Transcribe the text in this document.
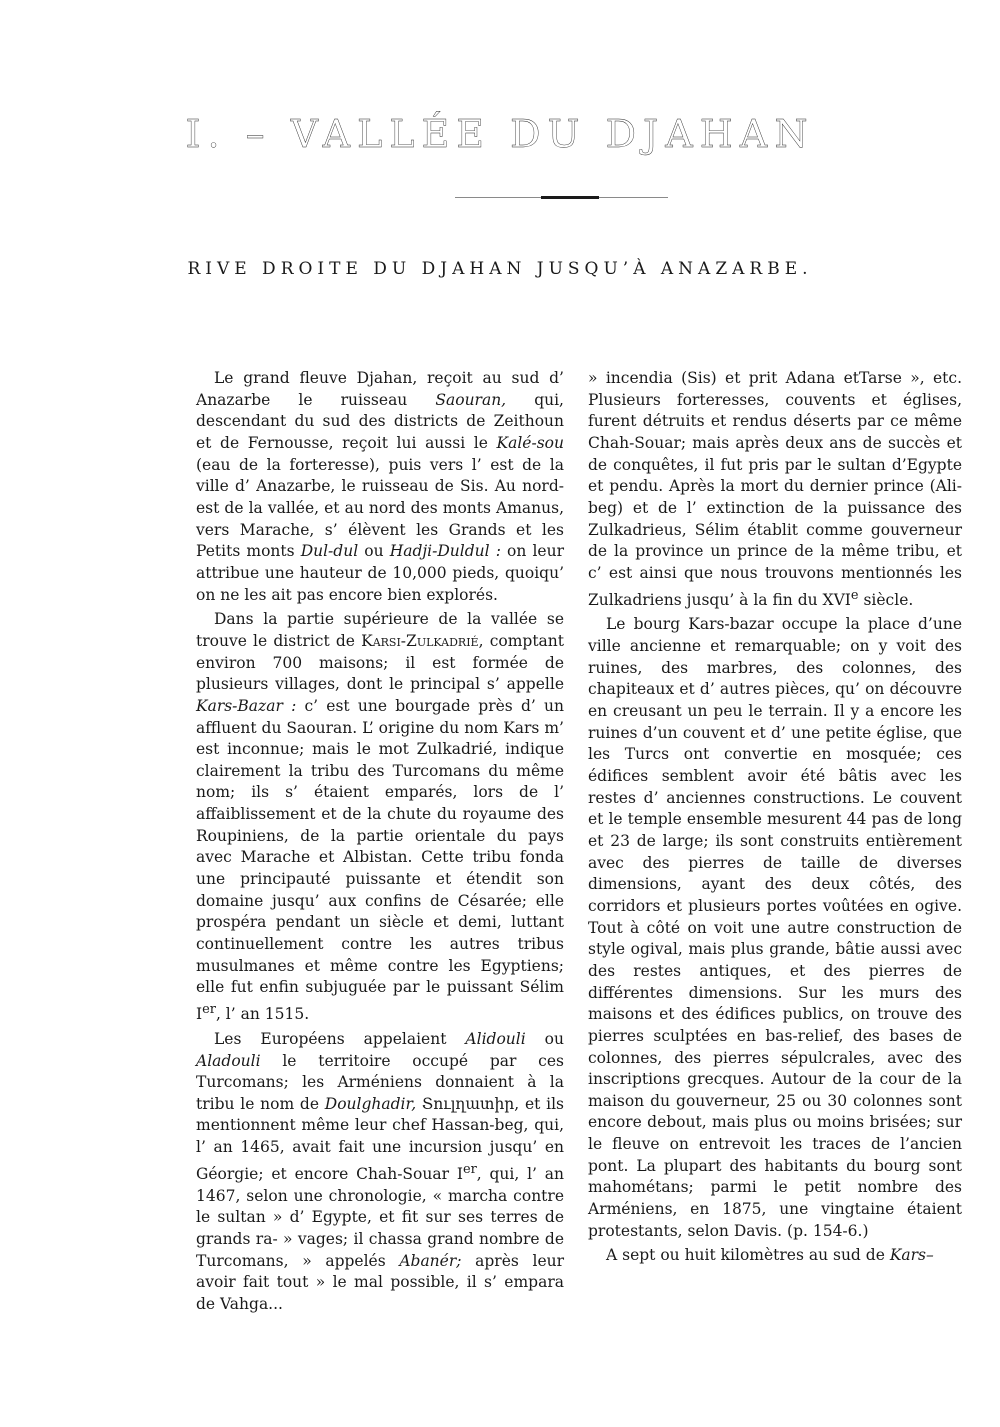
I. – VALLÉE DU DJAHAN
RIVE DROITE DU DJAHAN JUSQU’À ANAZARBE.

Le grand fleuve Djahan, reçoit au sud d’ Anazarbe le ruisseau Saouran, qui, descendant du sud des districts de Zeithoun et de Fernousse, reçoit lui aussi le Kalé-sou (eau de la forteresse), puis vers l’ est de la ville d’ Anazarbe, le ruisseau de Sis. Au nord-est de la vallée, et au nord des monts Amanus, vers Marache, s’ élèvent les Grands et les Petits monts Dul-dul ou Hadji-Duldul : on leur attribue une hauteur de 10,000 pieds, quoiqu’ on ne les ait pas encore bien explorés.

Dans la partie supérieure de la vallée se trouve le district de Karsi-Zulkadrié, comptant environ 700 maisons; il est formée de plusieurs villages, dont le principal s’ appelle Kars-Bazar : c’ est une bourgade près d’ un affluent du Saouran. L’ origine du nom Kars m’ est inconnue; mais le mot Zulkadrié, indique clairement la tribu des Turcomans du même nom; ils s’ étaient emparés, lors de l’ affaiblissement et de la chute du royaume des Roupiniens, de la partie orientale du pays avec Marache et Albistan. Cette tribu fonda une principauté puissante et étendit son domaine jusqu’ aux confins de Césarée; elle prospéra pendant un siècle et demi, luttant continuellement contre les autres tribus musulmanes et même contre les Egyptiens; elle fut enfin subjuguée par le puissant Sélim Ier, l’ an 1515.

Les Européens appelaient Alidouli ou Aladouli le territoire occupé par ces Turcomans; les Arméniens donnaient à la tribu le nom de Doulghadir, Տուլղատիր, et ils mentionnent même leur chef Hassan-beg, qui, l’ an 1465, avait fait une incursion jusqu’ en Géorgie; et encore Chah-Souar Ier, qui, l’ an 1467, selon une chronologie, « marcha contre le sultan » d’ Egypte, et fit sur ses terres de grands ra- » vages; il chassa grand nombre de Turcomans, » appelés Abanér; après leur avoir fait tout » le mal possible, il s’ empara de Vahga...

» incendia (Sis) et prit Adana etTarse », etc. Plusieurs forteresses, couvents et églises, furent détruits et rendus déserts par ce même Chah-Souar; mais après deux ans de succès et de conquêtes, il fut pris par le sultan d’Egypte et pendu. Après la mort du dernier prince (Ali-beg) et de l’ extinction de la puissance des Zulkadrieus, Sélim établit comme gouverneur de la province un prince de la même tribu, et c’ est ainsi que nous trouvons mentionnés les Zulkadriens jusqu’ à la fin du XVIe siècle.

Le bourg Kars-bazar occupe la place d’une ville ancienne et remarquable; on y voit des ruines, des marbres, des colonnes, des chapiteaux et d’ autres pièces, qu’ on découvre en creusant un peu le terrain. Il y a encore les ruines d’un couvent et d’ une petite église, que les Turcs ont convertie en mosquée; ces édifices semblent avoir été bâtis avec les restes d’ anciennes constructions. Le couvent et le temple ensemble mesurent 44 pas de long et 23 de large; ils sont construits entièrement avec des pierres de taille de diverses dimensions, ayant des deux côtés, des corridors et plusieurs portes voûtées en ogive. Tout à côté on voit une autre construction de style ogival, mais plus grande, bâtie aussi avec des restes antiques, et des pierres de différentes dimensions. Sur les murs des maisons et des édifices publics, on trouve des pierres sculptées en bas-relief, des bases de colonnes, des pierres sépulcrales, avec des inscriptions grecques. Autour de la cour de la maison du gouverneur, 25 ou 30 colonnes sont encore debout, mais plus ou moins brisées; sur le fleuve on entrevoit les traces de l’ancien pont. La plupart des habitants du bourg sont mahométans; parmi le petit nombre des Arméniens, en 1875, une vingtaine étaient protestants, selon Davis. (p. 154-6.)

A sept ou huit kilomètres au sud de Kars–
